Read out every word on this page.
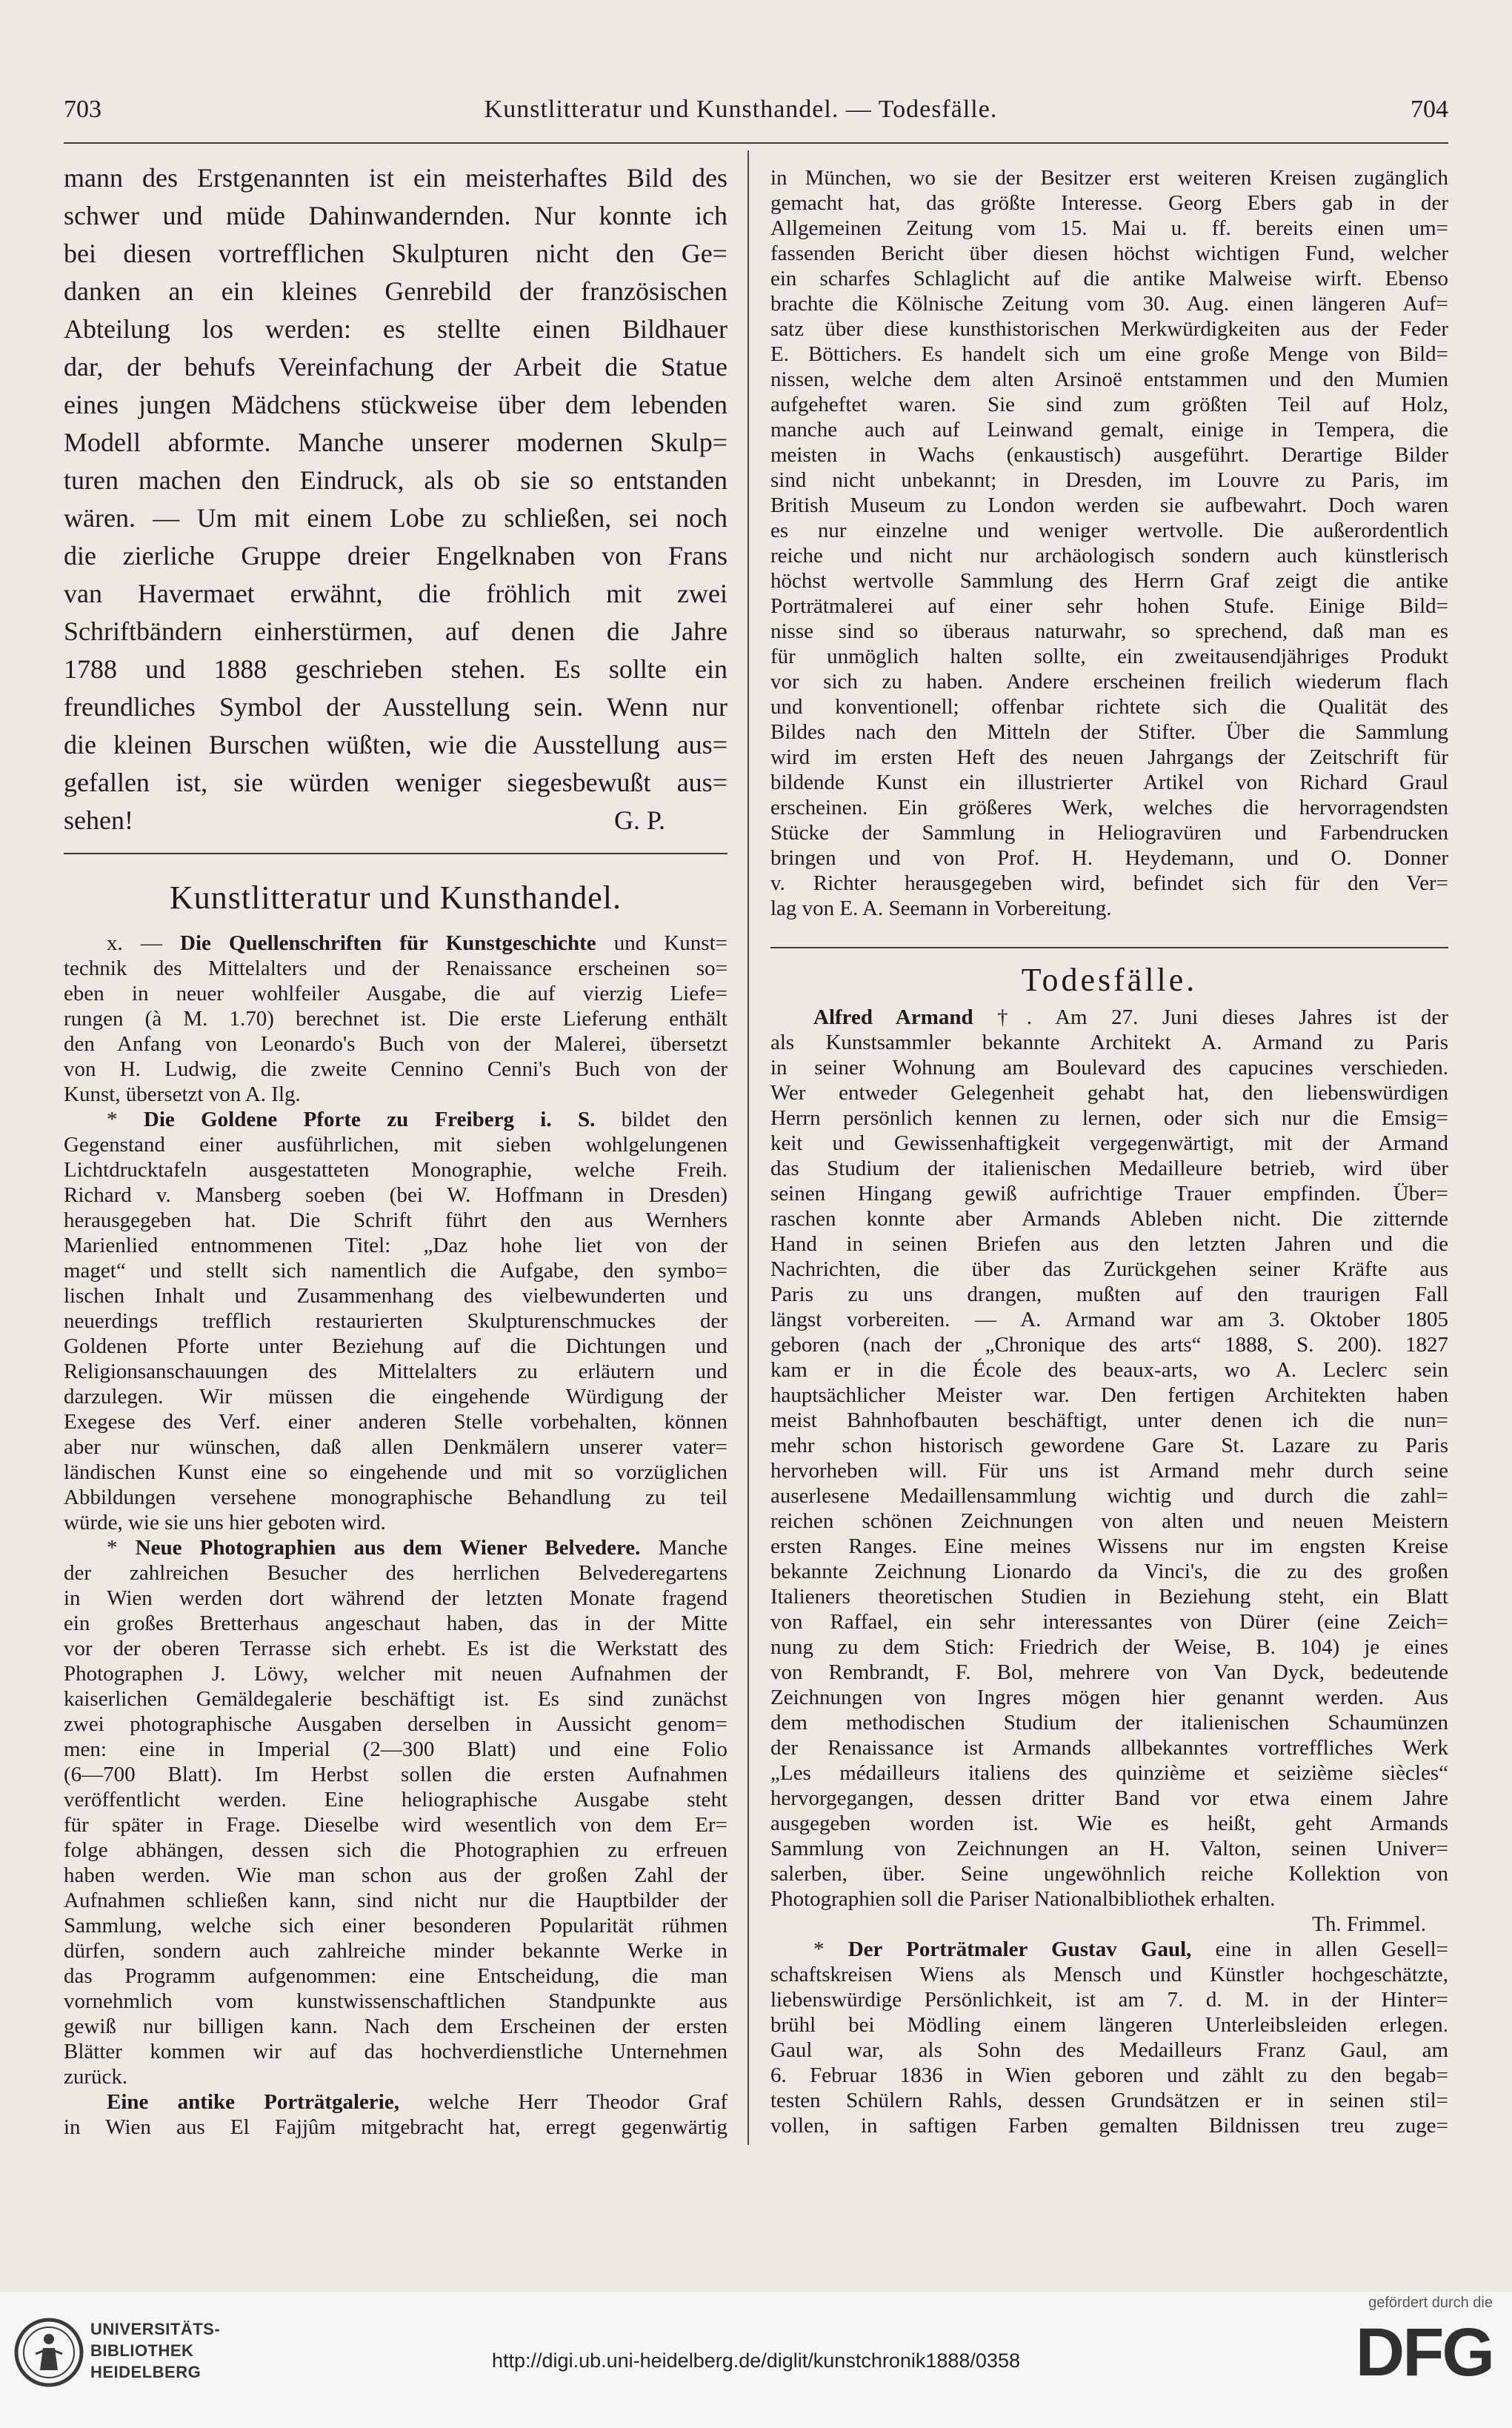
703	Kunstlitteratur und Kunsthandel. — Todesfälle.	704
mann des Erstgenannten ist ein meisterhaftes Bild des
schwer und müde Dahinwandernden. Nur konnte ich
bei diesen vortrefflichen Skulpturen nicht den Ge=
danken an ein kleines Genrebild der französischen
Abteilung los werden: es stellte einen Bildhauer
dar, der behufs Vereinfachung der Arbeit die Statue
eines jungen Mädchens stückweise über dem lebenden
Modell abformte. Manche unserer modernen Skulp=
turen machen den Eindruck, als ob sie so entstanden
wären. — Um mit einem Lobe zu schließen, sei noch
die zierliche Gruppe dreier Engelknaben von Frans
van Havermaet erwähnt, die fröhlich mit zwei
Schriftbändern einherstürmen, auf denen die Jahre
1788 und 1888 geschrieben stehen. Es sollte ein
freundliches Symbol der Ausstellung sein. Wenn nur
die kleinen Burschen wüßten, wie die Ausstellung aus=
gefallen ist, sie würden weniger siegesbewußt aus=
sehen!	G. P.
Kunstlitteratur und Kunsthandel.
x. — Die Quellenschriften für Kunstgeschichte und Kunst=
technik des Mittelalters und der Renaissance erscheinen so=
eben in neuer wohlfeiler Ausgabe, die auf vierzig Liefe=
rungen (à M. 1.70) berechnet ist. Die erste Lieferung enthält
den Anfang von Leonardo's Buch von der Malerei, übersetzt
von H. Ludwig, die zweite Cennino Cenni's Buch von der
Kunst, übersetzt von A. Ilg.
* Die Goldene Pforte zu Freiberg i. S. bildet den
Gegenstand einer ausführlichen, mit sieben wohlgelungenen
Lichtdrucktafeln ausgestatteten Monographie, welche Freih.
Richard v. Mansberg soeben (bei W. Hoffmann in Dresden)
herausgegeben hat. Die Schrift führt den aus Wernhers
Marienlied entnommenen Titel: „Daz hohe liet von der
maget“ und stellt sich namentlich die Aufgabe, den symbo=
lischen Inhalt und Zusammenhang des vielbewunderten und
neuerdings trefflich restaurierten Skulpturenschmuckes der
Goldenen Pforte unter Beziehung auf die Dichtungen und
Religionsanschauungen des Mittelalters zu erläutern und
darzulegen. Wir müssen die eingehende Würdigung der
Exegese des Verf. einer anderen Stelle vorbehalten, können
aber nur wünschen, daß allen Denkmälern unserer vater=
ländischen Kunst eine so eingehende und mit so vorzüglichen
Abbildungen versehene monographische Behandlung zu teil
würde, wie sie uns hier geboten wird.
* Neue Photographien aus dem Wiener Belvedere. Manche
der zahlreichen Besucher des herrlichen Belvederegartens
in Wien werden dort während der letzten Monate fragend
ein großes Bretterhaus angeschaut haben, das in der Mitte
vor der oberen Terrasse sich erhebt. Es ist die Werkstatt des
Photographen J. Löwy, welcher mit neuen Aufnahmen der
kaiserlichen Gemäldegalerie beschäftigt ist. Es sind zunächst
zwei photographische Ausgaben derselben in Aussicht genom=
men: eine in Imperial (2—300 Blatt) und eine Folio
(6—700 Blatt). Im Herbst sollen die ersten Aufnahmen
veröffentlicht werden. Eine heliographische Ausgabe steht
für später in Frage. Dieselbe wird wesentlich von dem Er=
folge abhängen, dessen sich die Photographien zu erfreuen
haben werden. Wie man schon aus der großen Zahl der
Aufnahmen schließen kann, sind nicht nur die Hauptbilder der
Sammlung, welche sich einer besonderen Popularität rühmen
dürfen, sondern auch zahlreiche minder bekannte Werke in
das Programm aufgenommen: eine Entscheidung, die man
vornehmlich vom kunstwissenschaftlichen Standpunkte aus
gewiß nur billigen kann. Nach dem Erscheinen der ersten
Blätter kommen wir auf das hochverdienstliche Unternehmen
zurück.
Eine antike Porträtgalerie, welche Herr Theodor Graf
in Wien aus El Fajjûm mitgebracht hat, erregt gegenwärtig
in München, wo sie der Besitzer erst weiteren Kreisen zugänglich
gemacht hat, das größte Interesse. Georg Ebers gab in der
Allgemeinen Zeitung vom 15. Mai u. ff. bereits einen um=
fassenden Bericht über diesen höchst wichtigen Fund, welcher
ein scharfes Schlaglicht auf die antike Malweise wirft. Ebenso
brachte die Kölnische Zeitung vom 30. Aug. einen längeren Auf=
satz über diese kunsthistorischen Merkwürdigkeiten aus der Feder
E. Böttichers. Es handelt sich um eine große Menge von Bild=
nissen, welche dem alten Arsinoë entstammen und den Mumien
aufgeheftet waren. Sie sind zum größten Teil auf Holz,
manche auch auf Leinwand gemalt, einige in Tempera, die
meisten in Wachs (enkaustisch) ausgeführt. Derartige Bilder
sind nicht unbekannt; in Dresden, im Louvre zu Paris, im
British Museum zu London werden sie aufbewahrt. Doch waren
es nur einzelne und weniger wertvolle. Die außerordentlich
reiche und nicht nur archäologisch sondern auch künstlerisch
höchst wertvolle Sammlung des Herrn Graf zeigt die antike
Porträtmalerei auf einer sehr hohen Stufe. Einige Bild=
nisse sind so überaus naturwahr, so sprechend, daß man es
für unmöglich halten sollte, ein zweitausendjähriges Produkt
vor sich zu haben. Andere erscheinen freilich wiederum flach
und konventionell; offenbar richtete sich die Qualität des
Bildes nach den Mitteln der Stifter. Über die Sammlung
wird im ersten Heft des neuen Jahrgangs der Zeitschrift für
bildende Kunst ein illustrierter Artikel von Richard Graul
erscheinen. Ein größeres Werk, welches die hervorragendsten
Stücke der Sammlung in Heliogravüren und Farbendrucken
bringen und von Prof. H. Heydemann, und O. Donner
v. Richter herausgegeben wird, befindet sich für den Ver=
lag von E. A. Seemann in Vorbereitung.
Todesfälle.
Alfred Armand †. Am 27. Juni dieses Jahres ist der
als Kunstsammler bekannte Architekt A. Armand zu Paris
in seiner Wohnung am Boulevard des capucines verschieden.
Wer entweder Gelegenheit gehabt hat, den liebenswürdigen
Herrn persönlich kennen zu lernen, oder sich nur die Emsig=
keit und Gewissenhaftigkeit vergegenwärtigt, mit der Armand
das Studium der italienischen Medailleure betrieb, wird über
seinen Hingang gewiß aufrichtige Trauer empfinden. Über=
raschen konnte aber Armands Ableben nicht. Die zitternde
Hand in seinen Briefen aus den letzten Jahren und die
Nachrichten, die über das Zurückgehen seiner Kräfte aus
Paris zu uns drangen, mußten auf den traurigen Fall
längst vorbereiten. — A. Armand war am 3. Oktober 1805
geboren (nach der „Chronique des arts“ 1888, S. 200). 1827
kam er in die École des beaux-arts, wo A. Leclerc sein
hauptsächlicher Meister war. Den fertigen Architekten haben
meist Bahnhofbauten beschäftigt, unter denen ich die nun=
mehr schon historisch gewordene Gare St. Lazare zu Paris
hervorheben will. Für uns ist Armand mehr durch seine
auserlesene Medaillensammlung wichtig und durch die zahl=
reichen schönen Zeichnungen von alten und neuen Meistern
ersten Ranges. Eine meines Wissens nur im engsten Kreise
bekannte Zeichnung Lionardo da Vinci's, die zu des großen
Italieners theoretischen Studien in Beziehung steht, ein Blatt
von Raffael, ein sehr interessantes von Dürer (eine Zeich=
nung zu dem Stich: Friedrich der Weise, B. 104) je eines
von Rembrandt, F. Bol, mehrere von Van Dyck, bedeutende
Zeichnungen von Ingres mögen hier genannt werden. Aus
dem methodischen Studium der italienischen Schaumünzen
der Renaissance ist Armands allbekanntes vortreffliches Werk
„Les médailleurs italiens des quinzième et seizième siècles“
hervorgegangen, dessen dritter Band vor etwa einem Jahre
ausgegeben worden ist. Wie es heißt, geht Armands
Sammlung von Zeichnungen an H. Valton, seinen Univer=
salerben, über. Seine ungewöhnlich reiche Kollektion von
Photographien soll die Pariser Nationalbibliothek erhalten.
Th. Frimmel.
* Der Porträtmaler Gustav Gaul, eine in allen Gesell=
schaftskreisen Wiens als Mensch und Künstler hochgeschätzte,
liebenswürdige Persönlichkeit, ist am 7. d. M. in der Hinter=
brühl bei Mödling einem längeren Unterleibsleiden erlegen.
Gaul war, als Sohn des Medailleurs Franz Gaul, am
6. Februar 1836 in Wien geboren und zählt zu den begab=
testen Schülern Rahls, dessen Grundsätzen er in seinen stil=
vollen, in saftigen Farben gemalten Bildnissen treu zuge=
UNIVERSITÄTS-
BIBLIOTHEK
HEIDELBERG
http://digi.ub.uni-heidelberg.de/diglit/kunstchronik1888/0358
gefördert durch die
DFG
